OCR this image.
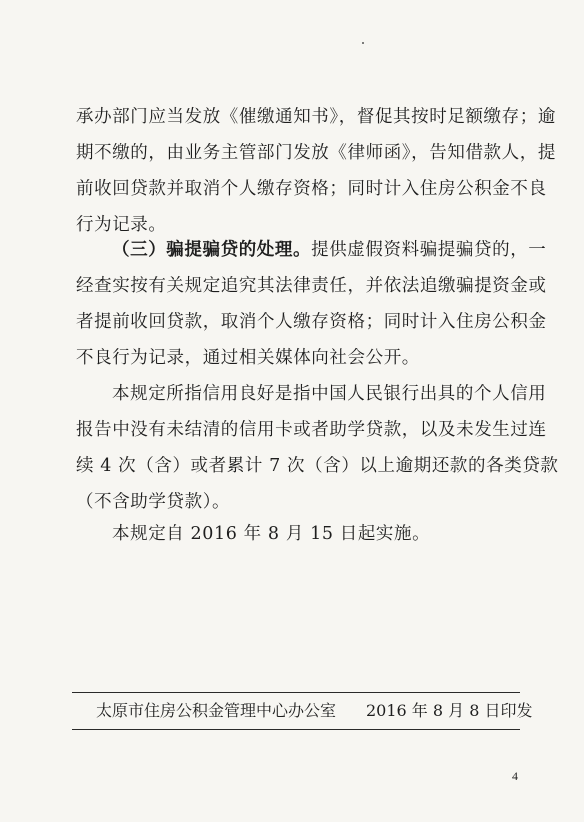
承办部门应当发放《催缴通知书》，督促其按时足额缴存；逾
期不缴的，由业务主管部门发放《律师函》，告知借款人，提
前收回贷款并取消个人缴存资格；同时计入住房公积金不良
行为记录。
（三）骗提骗贷的处理。提供虚假资料骗提骗贷的，一
经查实按有关规定追究其法律责任，并依法追缴骗提资金或
者提前收回贷款，取消个人缴存资格；同时计入住房公积金
不良行为记录，通过相关媒体向社会公开。
本规定所指信用良好是指中国人民银行出具的个人信用
报告中没有未结清的信用卡或者助学贷款，以及未发生过连
续 4 次（含）或者累计 7 次（含）以上逾期还款的各类贷款
（不含助学贷款）。
本规定自 2016 年 8 月 15 日起实施。
太原市住房公积金管理中心办公室 2016 年 8 月 8 日印发
4
